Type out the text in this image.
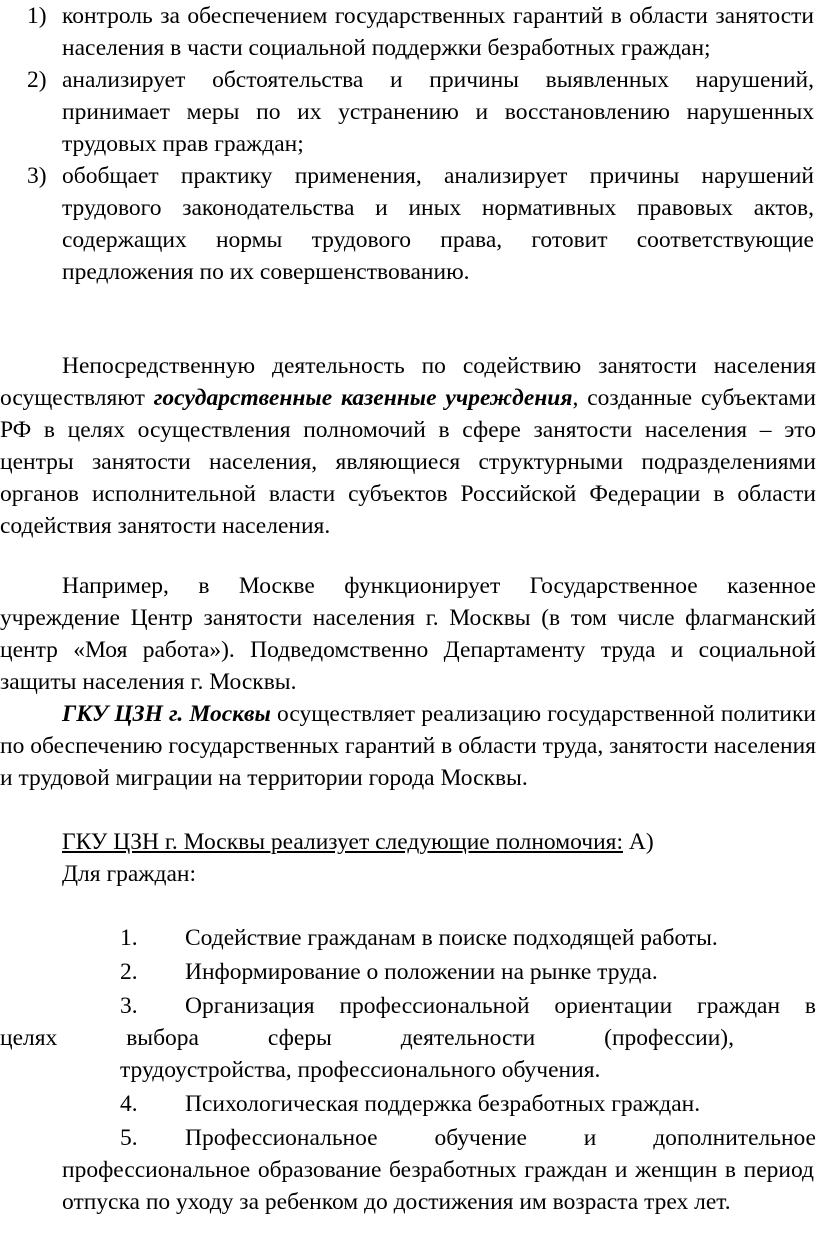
1) контроль за обеспечением государственных гарантий в области занятости населения в части социальной поддержки безработных граждан;
2) анализирует обстоятельства и причины выявленных нарушений, принимает меры по их устранению и восстановлению нарушенных трудовых прав граждан;
3) обобщает практику применения, анализирует причины нарушений трудового законодательства и иных нормативных правовых актов, содержащих нормы трудового права, готовит соответствующие предложения по их совершенствованию.

Непосредственную деятельность по содействию занятости населения осуществляют государственные казенные учреждения, созданные субъектами РФ в целях осуществления полномочий в сфере занятости населения – это центры занятости населения, являющиеся структурными подразделениями органов исполнительной власти субъектов Российской Федерации в области содействия занятости населения.

Например, в Москве функционирует Государственное казенное учреждение Центр занятости населения г. Москвы (в том числе флагманский центр «Моя работа»). Подведомственно Департаменту труда и социальной защиты населения г. Москвы.

ГКУ ЦЗН г. Москвы осуществляет реализацию государственной политики по обеспечению государственных гарантий в области труда, занятости населения и трудовой миграции на территории города Москвы.

ГКУ ЦЗН г. Москвы реализует следующие полномочия: А)
Для граждан:

1. Содействие гражданам в поиске подходящей работы.
2. Информирование о положении на рынке труда.
3. Организация профессиональной ориентации граждан в
целях выбора сферы деятельности (профессии),
трудоустройства, профессионального обучения.
4. Психологическая поддержка безработных граждан.
5. Профессиональное обучение и дополнительное
профессиональное образование безработных граждан и женщин в период отпуска по уходу за ребенком до достижения им возраста трех лет.
